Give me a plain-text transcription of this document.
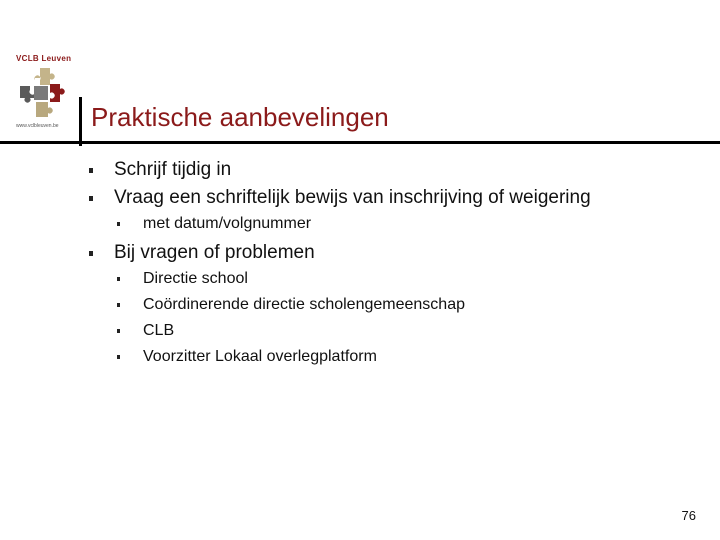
VCLB Leuven
www.vclbleuven.be Praktische aanbevelingen
Schrijf tijdig in
Vraag een schriftelijk bewijs van inschrijving of weigering
met datum/volgnummer
Bij vragen of problemen
Directie school
Coördinerende directie scholengemeenschap
CLB
Voorzitter Lokaal overlegplatform
76
